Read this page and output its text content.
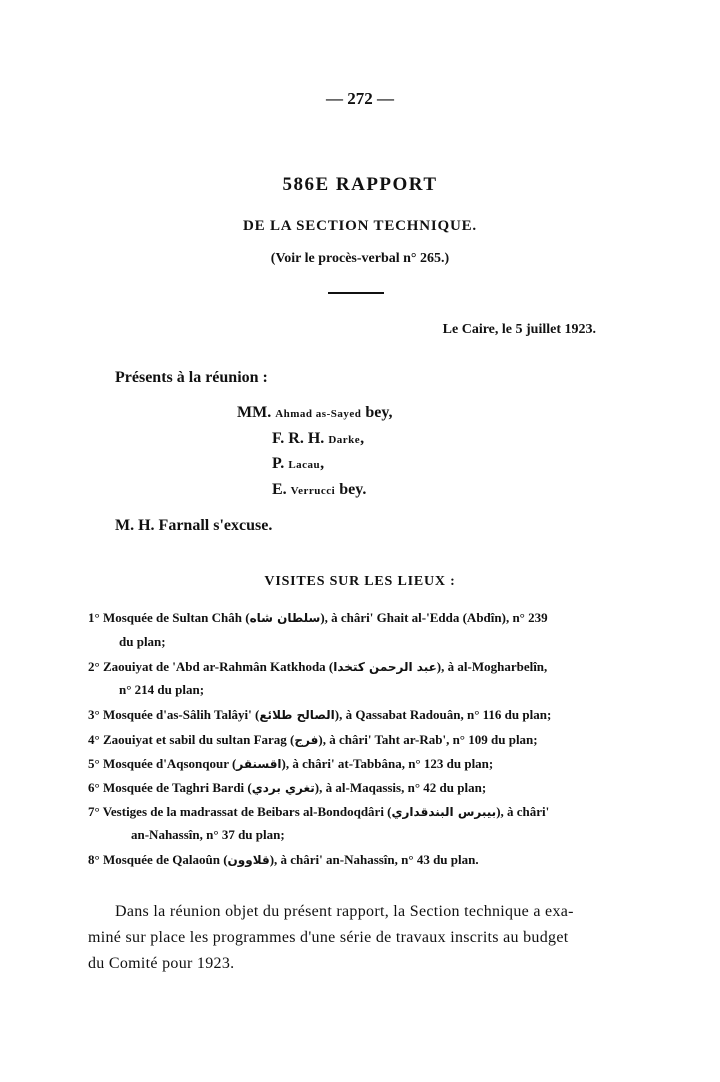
— 272 —
586E RAPPORT
DE LA SECTION TECHNIQUE.
(Voir le procès-verbal n° 265.)
Le Caire, le 5 juillet 1923.
Présents à la réunion :
MM. Ahmad as-Sayed bey,
F. R. H. Darke,
P. Lacau,
E. Verrucci bey.
M. H. Farnall s'excuse.
VISITES SUR LES LIEUX :
1° Mosquée de Sultan Châh (سلطان شاه), à châri' Ghait al-'Edda (Abdîn), n° 239
du plan;
2° Zaouiyat de 'Abd ar-Rahmân Katkhoda (عبد الرحمن كتخدا), à al-Mogharbelîn,
n° 214 du plan;
3° Mosquée d'as-Sâlih Talâyi' (الصالح طلائع), à Qassabat Radouân, n° 116 du plan;
4° Zaouiyat et sabil du sultan Farag (فرج), à châri' Taht ar-Rab', n° 109 du plan;
5° Mosquée d'Aqsonqour (اقسنقر), à châri' at-Tabbâna, n° 123 du plan;
6° Mosquée de Taghri Bardi (تغري بردي), à al-Maqassis, n° 42 du plan;
7° Vestiges de la madrassat de Beibars al-Bondoqdâri (بيبرس البندقداري), à châri'
an-Nahassîn, n° 37 du plan;
8° Mosquée de Qalaoûn (قلاوون), à châri' an-Nahassîn, n° 43 du plan.
Dans la réunion objet du présent rapport, la Section technique a exa-
miné sur place les programmes d'une série de travaux inscrits au budget
du Comité pour 1923.
